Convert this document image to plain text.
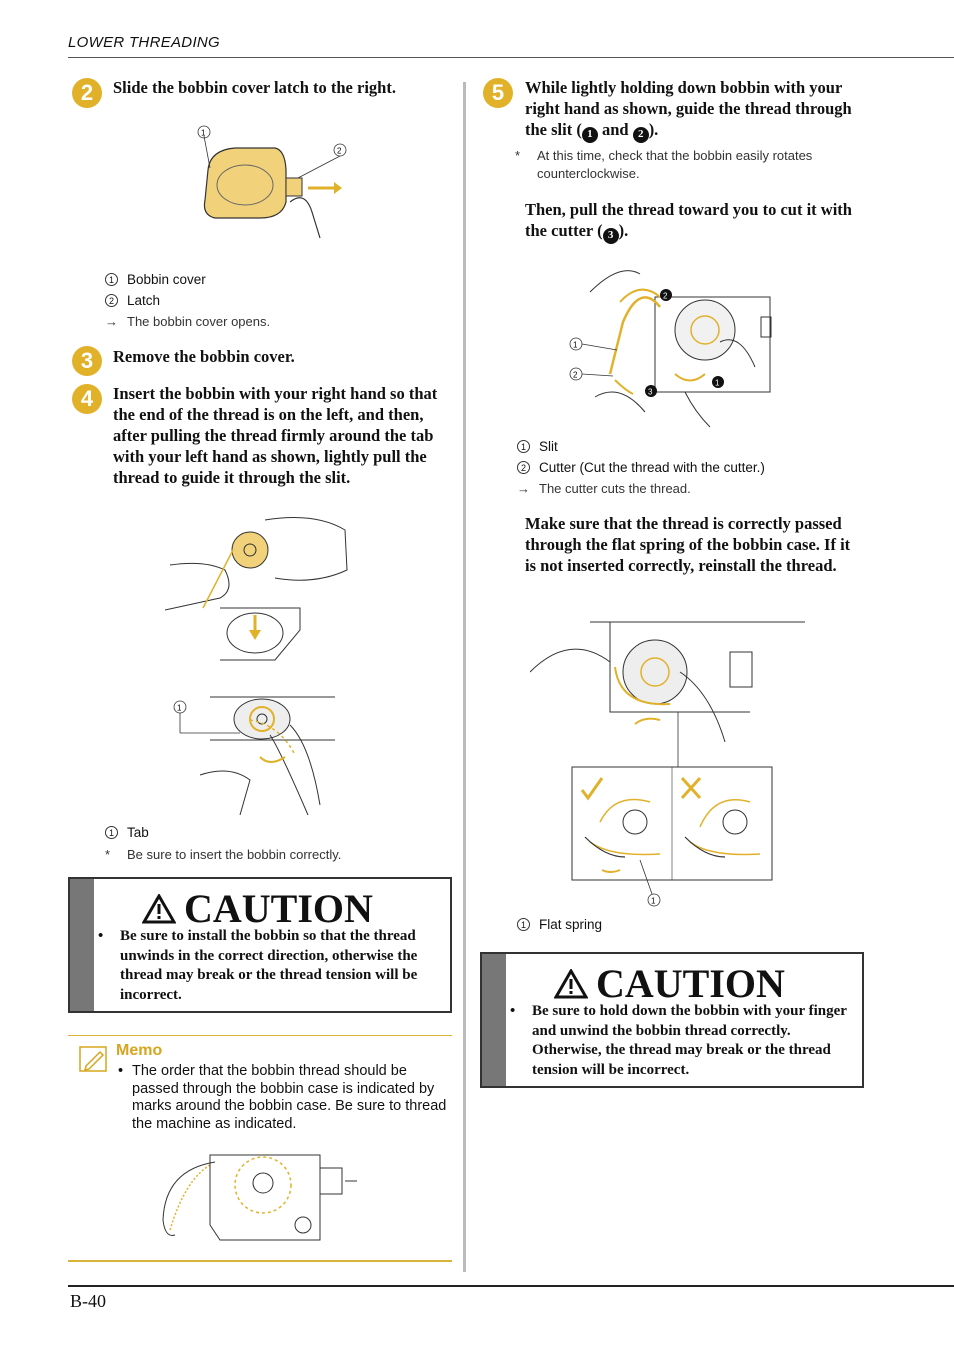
LOWER THREADING
2	Slide the bobbin cover latch to the right.
1
2
1 Bobbin cover
2 Latch
→ The bobbin cover opens.
3	Remove the bobbin cover.
4	Insert the bobbin with your right hand so that the end of the thread is on the left, and then, after pulling the thread firmly around the tab with your left hand as shown, lightly pull the thread to guide it through the slit.
1
1 Tab
*	Be sure to insert the bobbin correctly.
CAUTION
•	Be sure to install the bobbin so that the thread unwinds in the correct direction, otherwise the thread may break or the thread tension will be incorrect.
Memo
• The order that the bobbin thread should be passed through the bobbin case is indicated by marks around the bobbin case. Be sure to thread the machine as indicated.
5	While lightly holding down bobbin with your right hand as shown, guide the thread through the slit ( 1 and 2 ).
*	At this time, check that the bobbin easily rotates counterclockwise.
Then, pull the thread toward you to cut it with the cutter ( 3 ).
2
1
3
1
2
1 Slit
2 Cutter (Cut the thread with the cutter.)
→ The cutter cuts the thread.
Make sure that the thread is correctly passed through the flat spring of the bobbin case. If it is not inserted correctly, reinstall the thread.
1
1 Flat spring
CAUTION
•	Be sure to hold down the bobbin with your finger and unwind the bobbin thread correctly. Otherwise, the thread may break or the thread tension will be incorrect.
B-40
